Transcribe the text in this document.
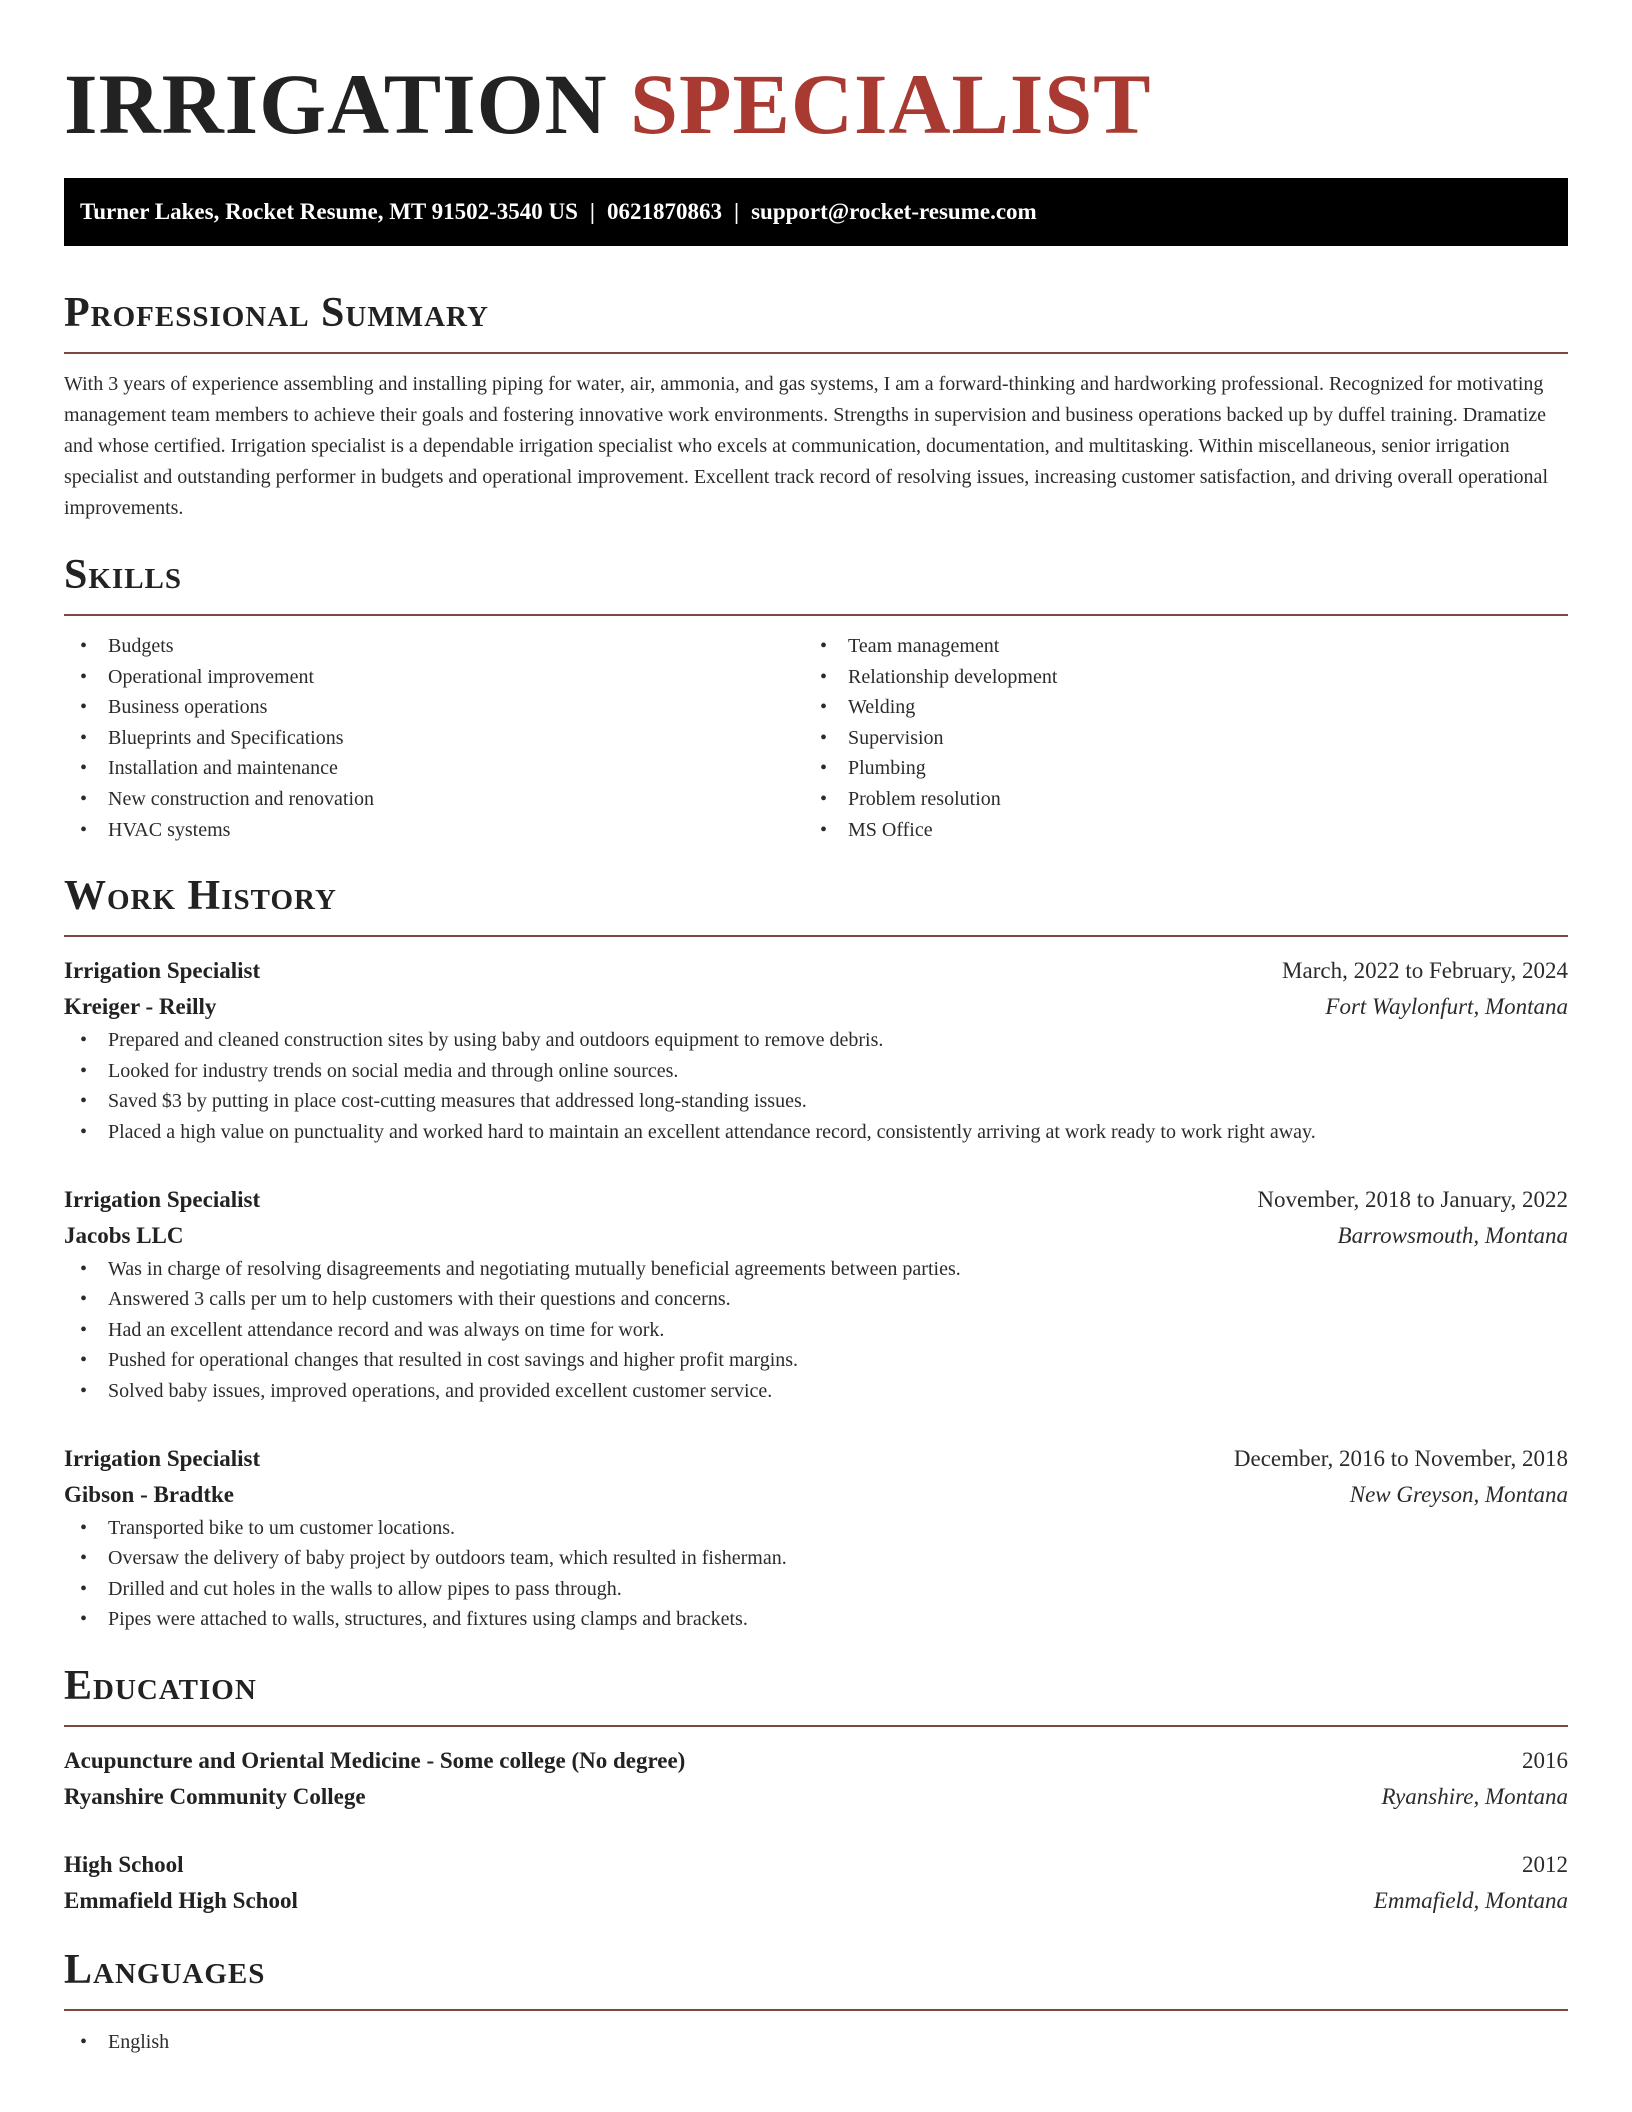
IRRIGATION SPECIALIST
Turner Lakes, Rocket Resume, MT 91502-3540 US | 0621870863 | support@rocket-resume.com
Professional Summary

With 3 years of experience assembling and installing piping for water, air, ammonia, and gas systems, I am a forward-thinking and hardworking professional. Recognized for motivating management team members to achieve their goals and fostering innovative work environments. Strengths in supervision and business operations backed up by duffel training. Dramatize and whose certified. Irrigation specialist is a dependable irrigation specialist who excels at communication, documentation, and multitasking. Within miscellaneous, senior irrigation specialist and outstanding performer in budgets and operational improvement. Excellent track record of resolving issues, increasing customer satisfaction, and driving overall operational improvements.

Skills
• Budgets
• Operational improvement
• Business operations
• Blueprints and Specifications
• Installation and maintenance
• New construction and renovation
• HVAC systems
• Team management
• Relationship development
• Welding
• Supervision
• Plumbing
• Problem resolution
• MS Office
Work History
Irrigation Specialist	March, 2022 to February, 2024
Kreiger - Reilly	Fort Waylonfurt, Montana
• Prepared and cleaned construction sites by using baby and outdoors equipment to remove debris.
• Looked for industry trends on social media and through online sources.
• Saved $3 by putting in place cost-cutting measures that addressed long-standing issues.
• Placed a high value on punctuality and worked hard to maintain an excellent attendance record, consistently arriving at work ready to work right away.
Irrigation Specialist	November, 2018 to January, 2022
Jacobs LLC	Barrowsmouth, Montana
• Was in charge of resolving disagreements and negotiating mutually beneficial agreements between parties.
• Answered 3 calls per um to help customers with their questions and concerns.
• Had an excellent attendance record and was always on time for work.
• Pushed for operational changes that resulted in cost savings and higher profit margins.
• Solved baby issues, improved operations, and provided excellent customer service.
Irrigation Specialist	December, 2016 to November, 2018
Gibson - Bradtke	New Greyson, Montana
• Transported bike to um customer locations.
• Oversaw the delivery of baby project by outdoors team, which resulted in fisherman.
• Drilled and cut holes in the walls to allow pipes to pass through.
• Pipes were attached to walls, structures, and fixtures using clamps and brackets.
Education
Acupuncture and Oriental Medicine - Some college (No degree)	2016
Ryanshire Community College	Ryanshire, Montana
High School	2012
Emmafield High School	Emmafield, Montana
Languages
• English
